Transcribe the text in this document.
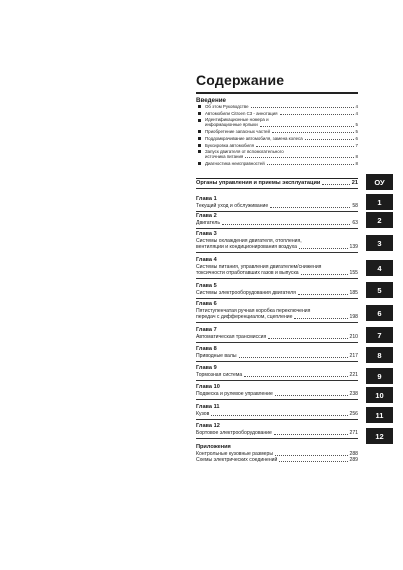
Содержание
Введение
Об этом Руководстве	4
Автомобили Citroen C3 - аннотация	4
Идентификационные номера и
информационные ярлыки	5
Приобретение запасных частей	5
Поддомкрачивание автомобиля, замена колеса	6
Буксировка автомобиля	7
Запуск двигателя от вспомогательного
источника питания	8
Диагностика неисправностей	8
Органы управления и приемы эксплуатации	21
Глава 1
Текущий уход и обслуживание	58
Глава 2
Двигатель	63
Глава 3
Системы охлаждения двигателя, отопления,
вентиляции и кондиционирования воздуха	139
Глава 4
Системы питания, управления двигателем/снижения
токсичности отработавших газов и выпуска	155
Глава 5
Системы электрооборудования двигателя	185
Глава 6
Пятиступенчатая ручная коробка переключения
передач с дифференциалом, сцепление	198
Глава 7
Автоматическая трансмиссия	210
Глава 8
Приводные валы	217
Глава 9
Тормозная система	221
Глава 10
Подвеска и рулевое управление	238
Глава 11
Кузов	256
Глава 12
Бортовое электрооборудование	271
ОУ
1
2
3
4
5
6
7
8
9
10
11
12
Приложения
Контрольные кузовные размеры	288
Схемы электрических соединений	289
